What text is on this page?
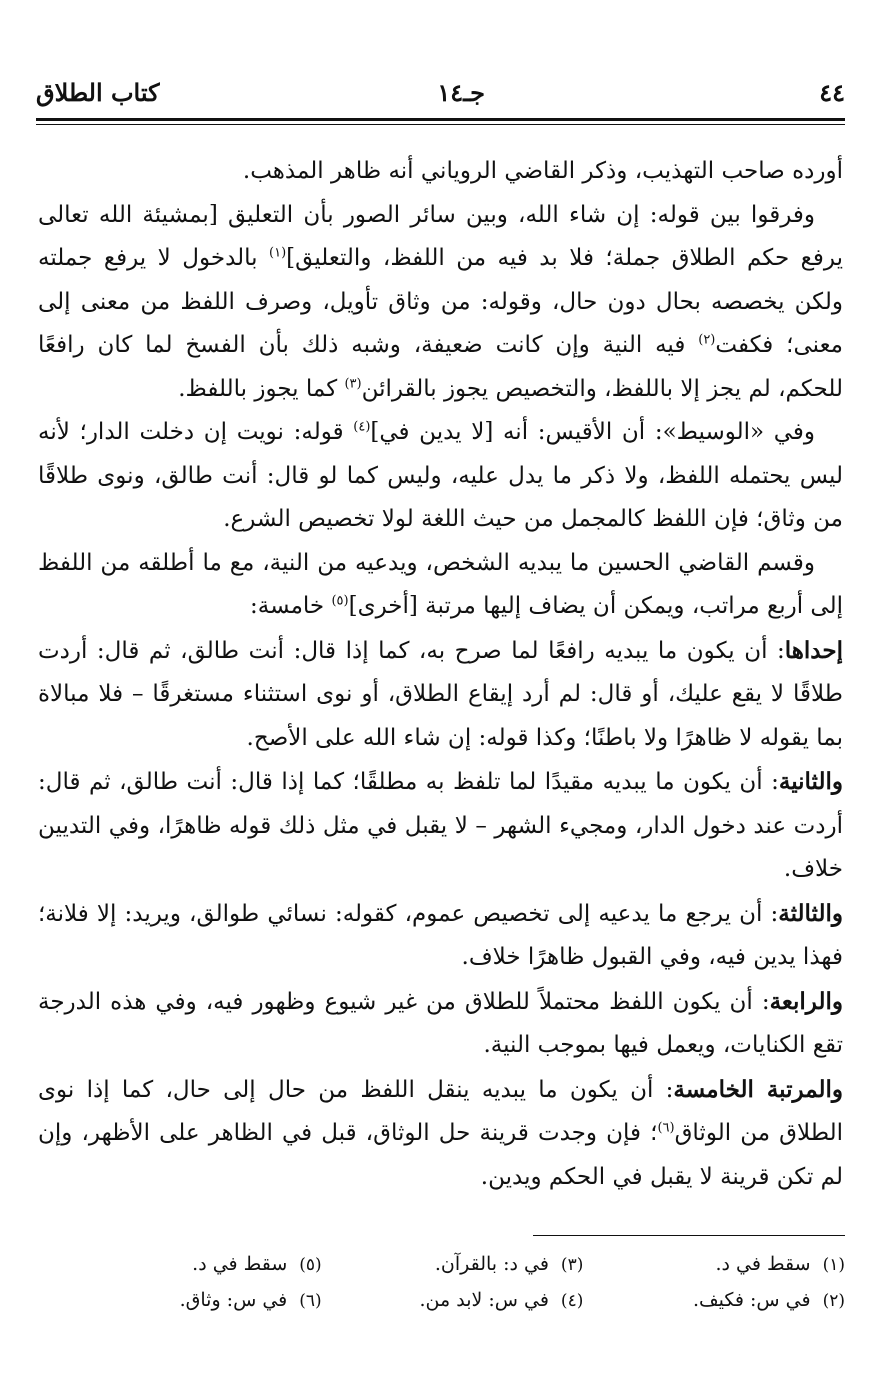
٤٤
جـ١٤
كتاب الطلاق

أورده صاحب التهذيب، وذكر القاضي الروياني أنه ظاهر المذهب.

وفرقوا بين قوله: إن شاء الله، وبين سائر الصور بأن التعليق [بمشيئة الله تعالى يرفع حكم الطلاق جملة؛ فلا بد فيه من اللفظ، والتعليق]$^{(١)}$ بالدخول لا يرفع جملته ولكن يخصصه بحال دون حال، وقوله: من وثاق تأويل، وصرف اللفظ من معنى إلى معنى؛ فكفت$^{(٢)}$ فيه النية وإن كانت ضعيفة، وشبه ذلك بأن الفسخ لما كان رافعًا للحكم، لم يجز إلا باللفظ، والتخصيص يجوز بالقرائن$^{(٣)}$ كما يجوز باللفظ.

وفي «الوسيط»: أن الأقيس: أنه [لا يدين في]$^{(٤)}$ قوله: نويت إن دخلت الدار؛ لأنه ليس يحتمله اللفظ، ولا ذكر ما يدل عليه، وليس كما لو قال: أنت طالق، ونوى طلاقًا من وثاق؛ فإن اللفظ كالمجمل من حيث اللغة لولا تخصيص الشرع.

وقسم القاضي الحسين ما يبديه الشخص، ويدعيه من النية، مع ما أطلقه من اللفظ إلى أربع مراتب، ويمكن أن يضاف إليها مرتبة [أخرى]$^{(٥)}$ خامسة:

إحداها: أن يكون ما يبديه رافعًا لما صرح به، كما إذا قال: أنت طالق، ثم قال: أردت طلاقًا لا يقع عليك، أو قال: لم أرد إيقاع الطلاق، أو نوى استثناء مستغرقًا – فلا مبالاة بما يقوله لا ظاهرًا ولا باطنًا؛ وكذا قوله: إن شاء الله على الأصح.

والثانية: أن يكون ما يبديه مقيدًا لما تلفظ به مطلقًا؛ كما إذا قال: أنت طالق، ثم قال: أردت عند دخول الدار، ومجيء الشهر – لا يقبل في مثل ذلك قوله ظاهرًا، وفي التديين خلاف.

والثالثة: أن يرجع ما يدعيه إلى تخصيص عموم، كقوله: نسائي طوالق، ويريد: إلا فلانة؛ فهذا يدين فيه، وفي القبول ظاهرًا خلاف.

والرابعة: أن يكون اللفظ محتملاً للطلاق من غير شيوع وظهور فيه، وفي هذه الدرجة تقع الكنايات، ويعمل فيها بموجب النية.

والمرتبة الخامسة: أن يكون ما يبديه ينقل اللفظ من حال إلى حال، كما إذا نوى الطلاق من الوثاق$^{(٦)}$؛ فإن وجدت قرينة حل الوثاق، قبل في الظاهر على الأظهر، وإن لم تكن قرينة لا يقبل في الحكم ويدين.

(١)سقط في د.
(٣)في د: بالقرآن.
(٥)سقط في د.
(٢)في س: فكيف.
(٤)في س: لابد من.
(٦)في س: وثاق.
